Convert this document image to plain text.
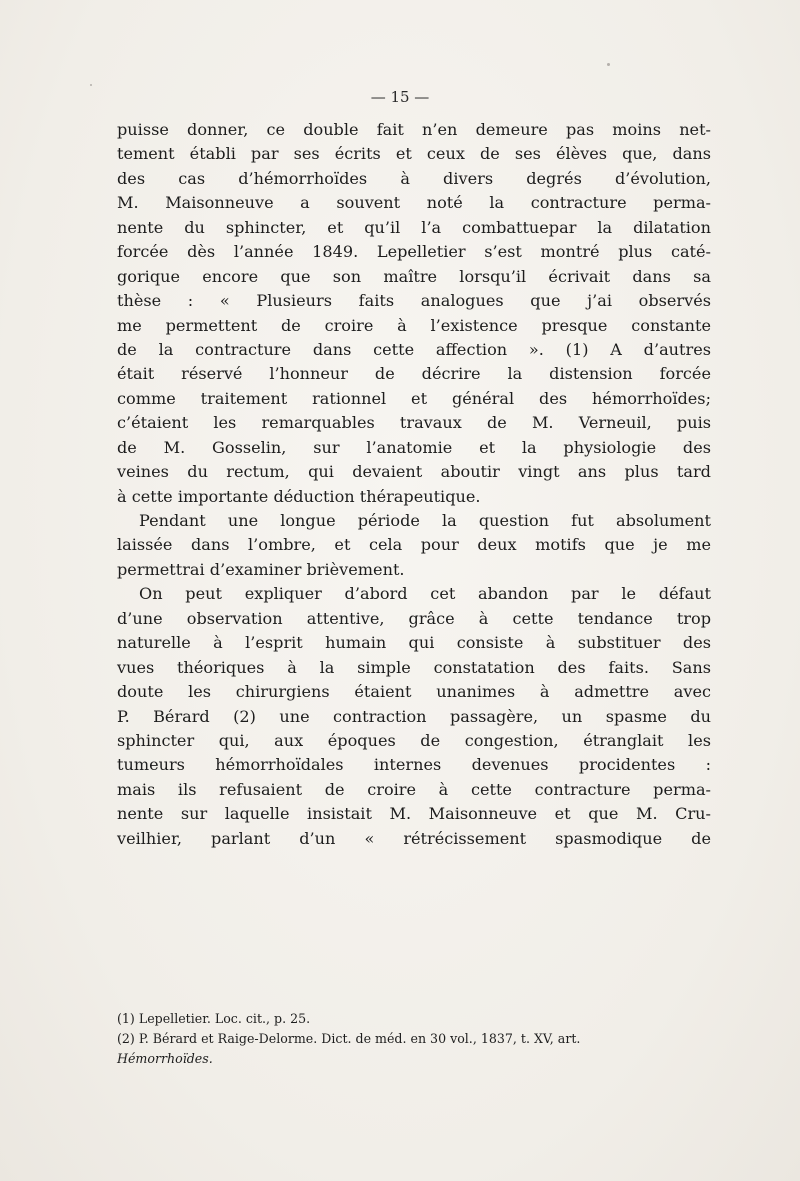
— 15 —
puisse donner, ce double fait n’en demeure pas moins net-
tement établi par ses écrits et ceux de ses élèves que, dans
des cas d’hémorrhoïdes à divers degrés d’évolution,
M. Maisonneuve a souvent noté la contracture perma-
nente du sphincter, et qu’il l’a combattuepar la dilatation
forcée dès l’année 1849. Lepelletier s’est montré plus caté-
gorique encore que son maître lorsqu’il écrivait dans sa
thèse : « Plusieurs faits analogues que j’ai observés
me permettent de croire à l’existence presque constante
de la contracture dans cette affection ». (1) A d’autres
était réservé l’honneur de décrire la distension forcée
comme traitement rationnel et général des hémorrhoïdes;
c’étaient les remarquables travaux de M. Verneuil, puis
de M. Gosselin, sur l’anatomie et la physiologie des
veines du rectum, qui devaient aboutir vingt ans plus tard
à cette importante déduction thérapeutique.
Pendant une longue période la question fut absolument
laissée dans l’ombre, et cela pour deux motifs que je me
permettrai d’examiner brièvement.
On peut expliquer d’abord cet abandon par le défaut
d’une observation attentive, grâce à cette tendance trop
naturelle à l’esprit humain qui consiste à substituer des
vues théoriques à la simple constatation des faits. Sans
doute les chirurgiens étaient unanimes à admettre avec
P. Bérard (2) une contraction passagère, un spasme du
sphincter qui, aux époques de congestion, étranglait les
tumeurs hémorrhoïdales internes devenues procidentes :
mais ils refusaient de croire à cette contracture perma-
nente sur laquelle insistait M. Maisonneuve et que M. Cru-
veilhier, parlant d’un « rétrécissement spasmodique de
(1) Lepelletier. Loc. cit., p. 25.
(2) P. Bérard et Raige-Delorme. Dict. de méd. en 30 vol., 1837, t. XV, art.
Hémorrhoïdes.
